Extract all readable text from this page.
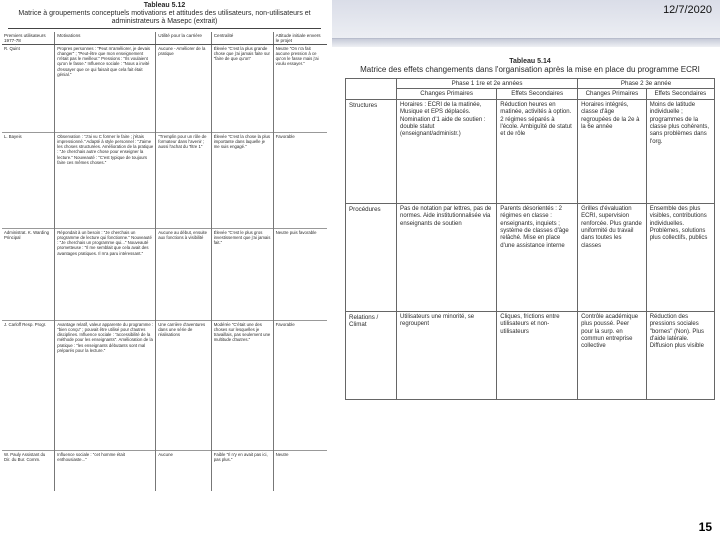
Tableau 5.12
Matrice à groupements conceptuels motivations et attitudes des utilisateurs, non-utilisateurs et administrateurs à Masepc (extrait)
Premiers utilisateurs 1977-78	Motivations	Utilité pour la carrière	Centralité	Attitude initiale envers le projet
R. Quint	Propres personnes : "Peut m'améliorer, je devais changer" ; "Peut-être que mon enseignement n'était pas le meilleur." Pressions : "Ils voulaient qu'on le fasse." Influence sociale : "Nous a invité d'essayer que ce qui faisait que cela fait était génial."	Aucune - Améliorer de la pratique	Élevée "C'est la plus grande chose que j'ai jamais faite sur "faire de que qu'on"	Neutre "On n'a fait aucune pression à ce qu'on le fasse mais j'ai voulu essayer."
L. Bayeis	Observation : "J'ai vu C former le faire ; j'étais impressionné." Adapté à style personnel : "J'aime les choses structurées. Amélioration de la pratique : "Je cherchais autre chose pour enseigner la lecture." Nouveauté : "C'est typique de toujours faire ces mêmes choses."	"Tremplin pour un rôle de formateur dans l'avenir ; aussi l'achat du Titre 1"	Élevée "C'est la chose la plus importante dans laquelle je me suis engagé."	Favorable
Administrat. K. Warding Principal	Répondait à un besoin : "Je cherchais un programme de lecture qui fonctionne." Nouveauté : "Je cherchais un programme qui..." Nouveauté prometteuse : "Il me semblait que cela avait des avantages pratiques. Il m'a paru intéressant."	Aucune au début, ensuite aux fonctions à visibilité	Élevée "C'est le plus gros investissement que j'ai jamais fait."	Neutre puis favorable
J. Carloff Resp. Progr.	Avantage relatif, valeur apparente du programme : "bien conçu" ; pouvait être utilisé pour d'autres disciplines. Influence sociale : "accessibilité de la méthode pour les enseignants". Amélioration de la pratique : "les enseignants débutants sont mal préparés pour la lecture."	Une carrière d'aventures dans une série de réalisations	Modérée "C'était une des choses sur lesquelles je travaillais, pas seulement une multitude d'autres."	Favorable
W. Pauly Assistant du Dir. du Bur. Comm.	Influence sociale : "cet homme était enthousiaste..."	Aucune	Faible "Il n'y en avait pas ici, pas plus."	Neutre
12/7/2020
Tableau 5.14
Matrice des effets changements dans l'organisation après la mise en place du programme ECRI
	Phase 1 1re et 2e années		Phase 2 3e année	
	Changes Primaires	Effets Secondaires	Changes Primaires	Effets Secondaires
Structures	Horaires : ECRI de la matinée, Musique et EPS déplacés. Nomination d'1 aide de soutien : double statut (enseignant/administr.)	Réduction heures en matinée, activités à option. 2 régimes séparés à l'école. Ambiguïté de statut et de rôle	Horaires intégrés, classe d'âge regroupées de la 2e à la 6e année	Moins de latitude individuelle ; programmes de la classe plus cohérents, sans problèmes dans l'org.
Procédures	Pas de notation par lettres, pas de normes. Aide institutionnalisée via enseignants de soutien	Parents désorientés : 2 régimes en classe : enseignants, inquiets ; système de classes d'âge relâché. Mise en place d'une assistance interne	Grilles d'évaluation ECRI, supervision renforcée. Plus grande uniformité du travail dans toutes les classes	Ensemble des plus visibles, contributions individuelles. Problèmes, solutions plus collectifs, publics
Relations / Climat	Utilisateurs une minorité, se regroupent	Cliques, frictions entre utilisateurs et non-utilisateurs	Contrôle académique plus poussé. Peer pour la surp. en commun entreprise collective	Réduction des pressions sociales "bornes" (Non). Plus d'aide latérale. Diffusion plus visible
15
